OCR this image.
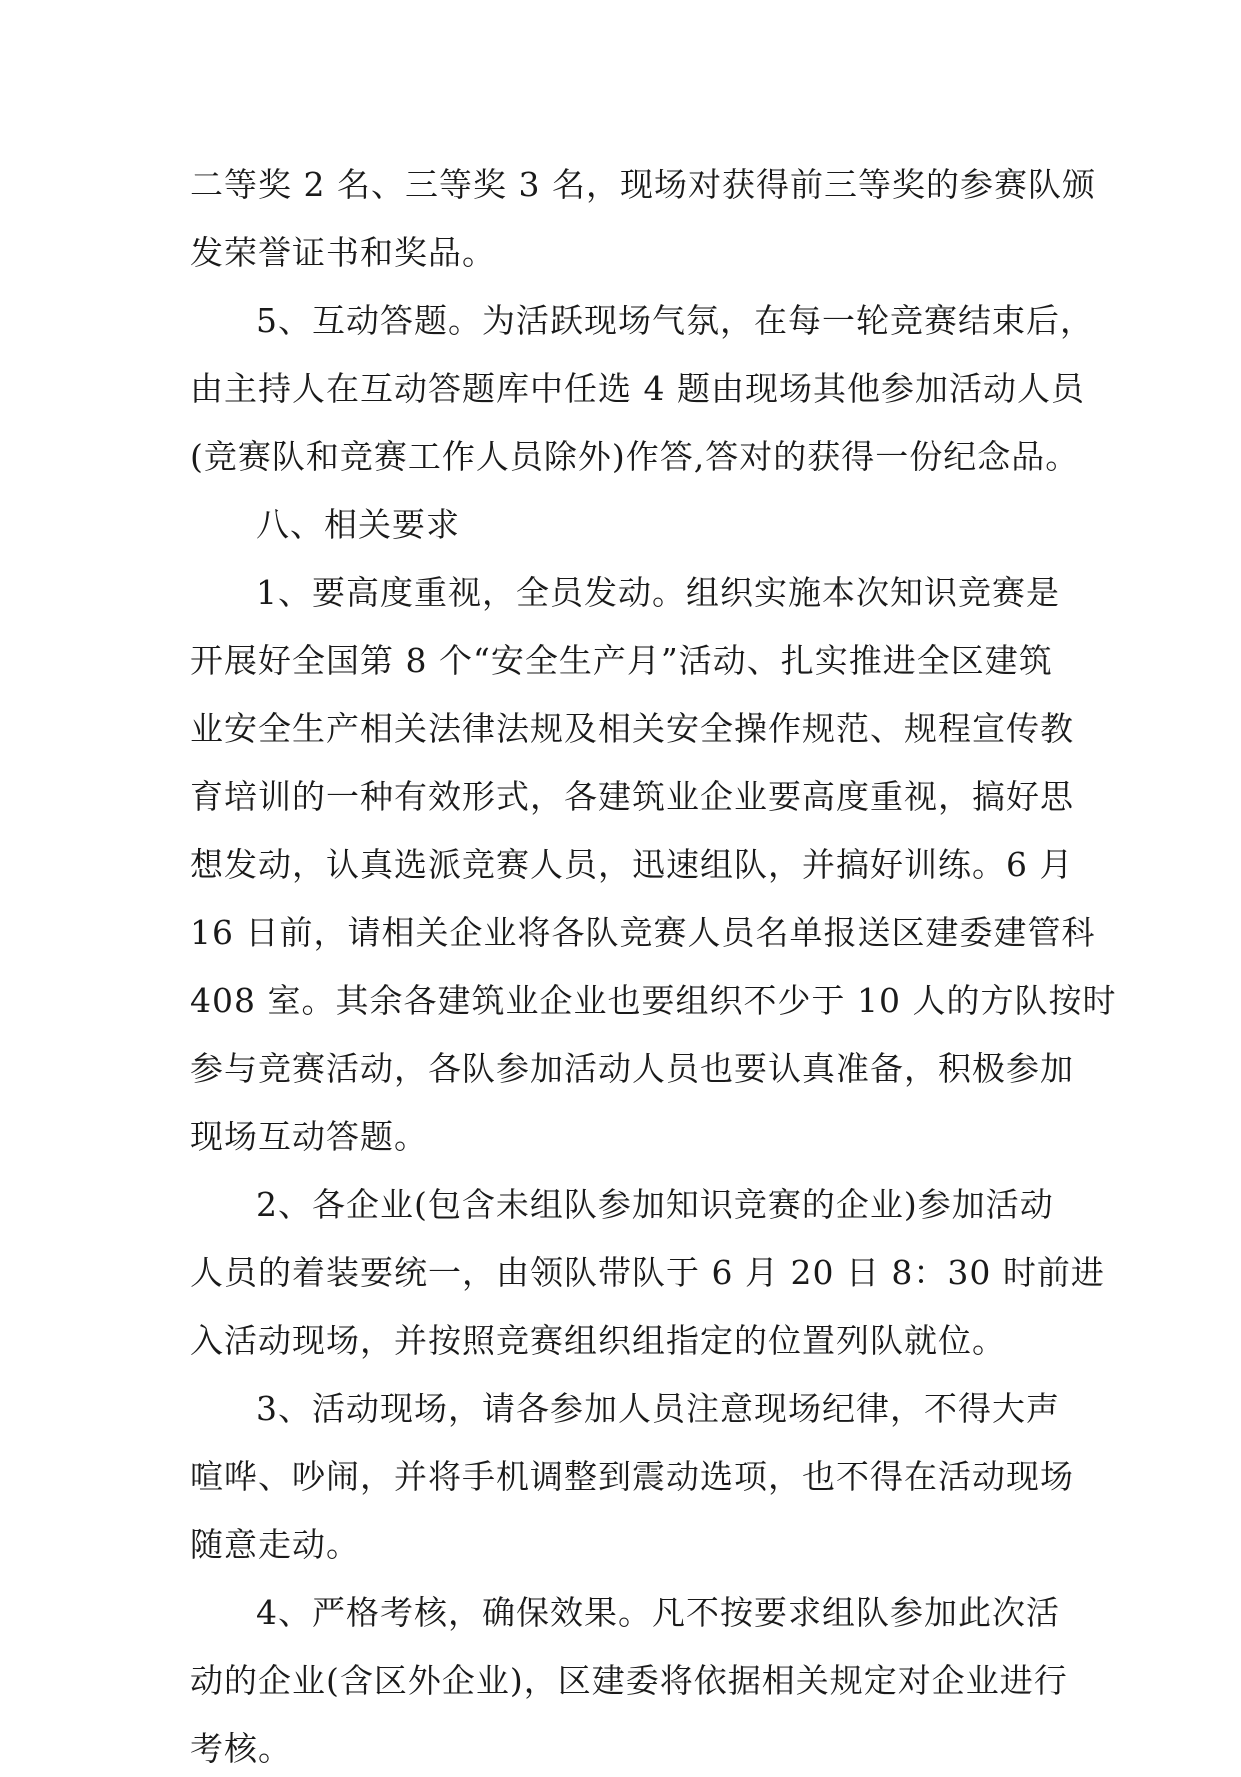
二等奖 2 名、三等奖 3 名，现场对获得前三等奖的参赛队颁
发荣誉证书和奖品。
5、互动答题。为活跃现场气氛，在每一轮竞赛结束后，
由主持人在互动答题库中任选 4 题由现场其他参加活动人员
(竞赛队和竞赛工作人员除外)作答,答对的获得一份纪念品。
八、相关要求
1、要高度重视，全员发动。组织实施本次知识竞赛是
开展好全国第 8 个“安全生产月”活动、扎实推进全区建筑
业安全生产相关法律法规及相关安全操作规范、规程宣传教
育培训的一种有效形式，各建筑业企业要高度重视，搞好思
想发动，认真选派竞赛人员，迅速组队，并搞好训练。6 月
16 日前，请相关企业将各队竞赛人员名单报送区建委建管科
408 室。其余各建筑业企业也要组织不少于 10 人的方队按时
参与竞赛活动，各队参加活动人员也要认真准备，积极参加
现场互动答题。
2、各企业(包含未组队参加知识竞赛的企业)参加活动
人员的着装要统一，由领队带队于 6 月 20 日 8：30 时前进
入活动现场，并按照竞赛组织组指定的位置列队就位。
3、活动现场，请各参加人员注意现场纪律，不得大声
喧哗、吵闹，并将手机调整到震动选项，也不得在活动现场
随意走动。
4、严格考核，确保效果。凡不按要求组队参加此次活
动的企业(含区外企业)，区建委将依据相关规定对企业进行
考核。
